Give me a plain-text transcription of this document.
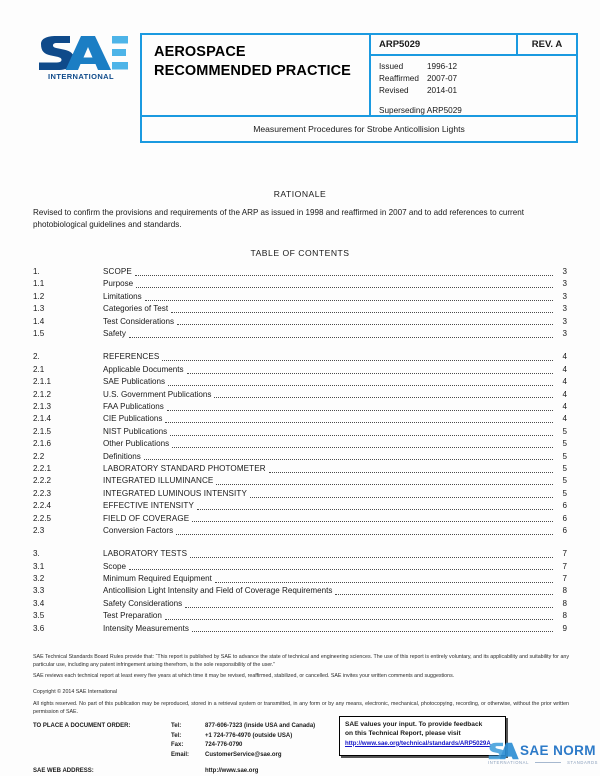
INTERNATIONAL
AEROSPACE
RECOMMENDED PRACTICE
ARP5029	REV. A
Issued	1996-12
Reaffirmed 2007-07
Revised	2014-01
Superseding ARP5029
Measurement Procedures for Strobe Anticollision Lights
RATIONALE
Revised to confirm the provisions and requirements of the ARP as issued in 1998 and reaffirmed in 2007 and to add references to current photobiological guidelines and standards.
TABLE OF CONTENTS
1.	SCOPE	3
1.1	Purpose	3
1.2	Limitations	3
1.3	Categories of Test	3
1.4	Test Considerations	3
1.5	Safety	3
2.	REFERENCES	4
2.1	Applicable Documents	4
2.1.1	SAE Publications	4
2.1.2	U.S. Government Publications	4
2.1.3	FAA Publications	4
2.1.4	CIE Publications	4
2.1.5	NIST Publications	5
2.1.6	Other Publications	5
2.2	Definitions	5
2.2.1	LABORATORY STANDARD PHOTOMETER	5
2.2.2	INTEGRATED ILLUMINANCE	5
2.2.3	INTEGRATED LUMINOUS INTENSITY	5
2.2.4	EFFECTIVE INTENSITY	6
2.2.5	FIELD OF COVERAGE	6
2.3	Conversion Factors	6
3.	LABORATORY TESTS	7
3.1	Scope	7
3.2	Minimum Required Equipment	7
3.3	Anticollision Light Intensity and Field of Coverage Requirements	8
3.4	Safety Considerations	8
3.5	Test Preparation	8
3.6	Intensity Measurements	9
SAE Technical Standards Board Rules provide that: “This report is published by SAE to advance the state of technical and engineering sciences. The use of this report is entirely voluntary, and its applicability and suitability for any particular use, including any patent infringement arising therefrom, is the sole responsibility of the user.”
SAE reviews each technical report at least every five years at which time it may be revised, reaffirmed, stabilized, or cancelled. SAE invites your written comments and suggestions.
Copyright © 2014 SAE International
All rights reserved. No part of this publication may be reproduced, stored in a retrieval system or transmitted, in any form or by any means, electronic, mechanical, photocopying, recording, or otherwise, without the prior written permission of SAE.
TO PLACE A DOCUMENT ORDER:	Tel:	877-606-7323 (inside USA and Canada)
Tel:	+1 724-776-4970 (outside USA)
Fax:	724-776-0790
Email:	CustomerService@sae.org
SAE WEB ADDRESS:	http://www.sae.org
SAE values your input. To provide feedback
on this Technical Report, please visit
http://www.sae.org/technical/standards/ARP5029A	SAE NORM
INTERNATIONAL	STANDARDS
